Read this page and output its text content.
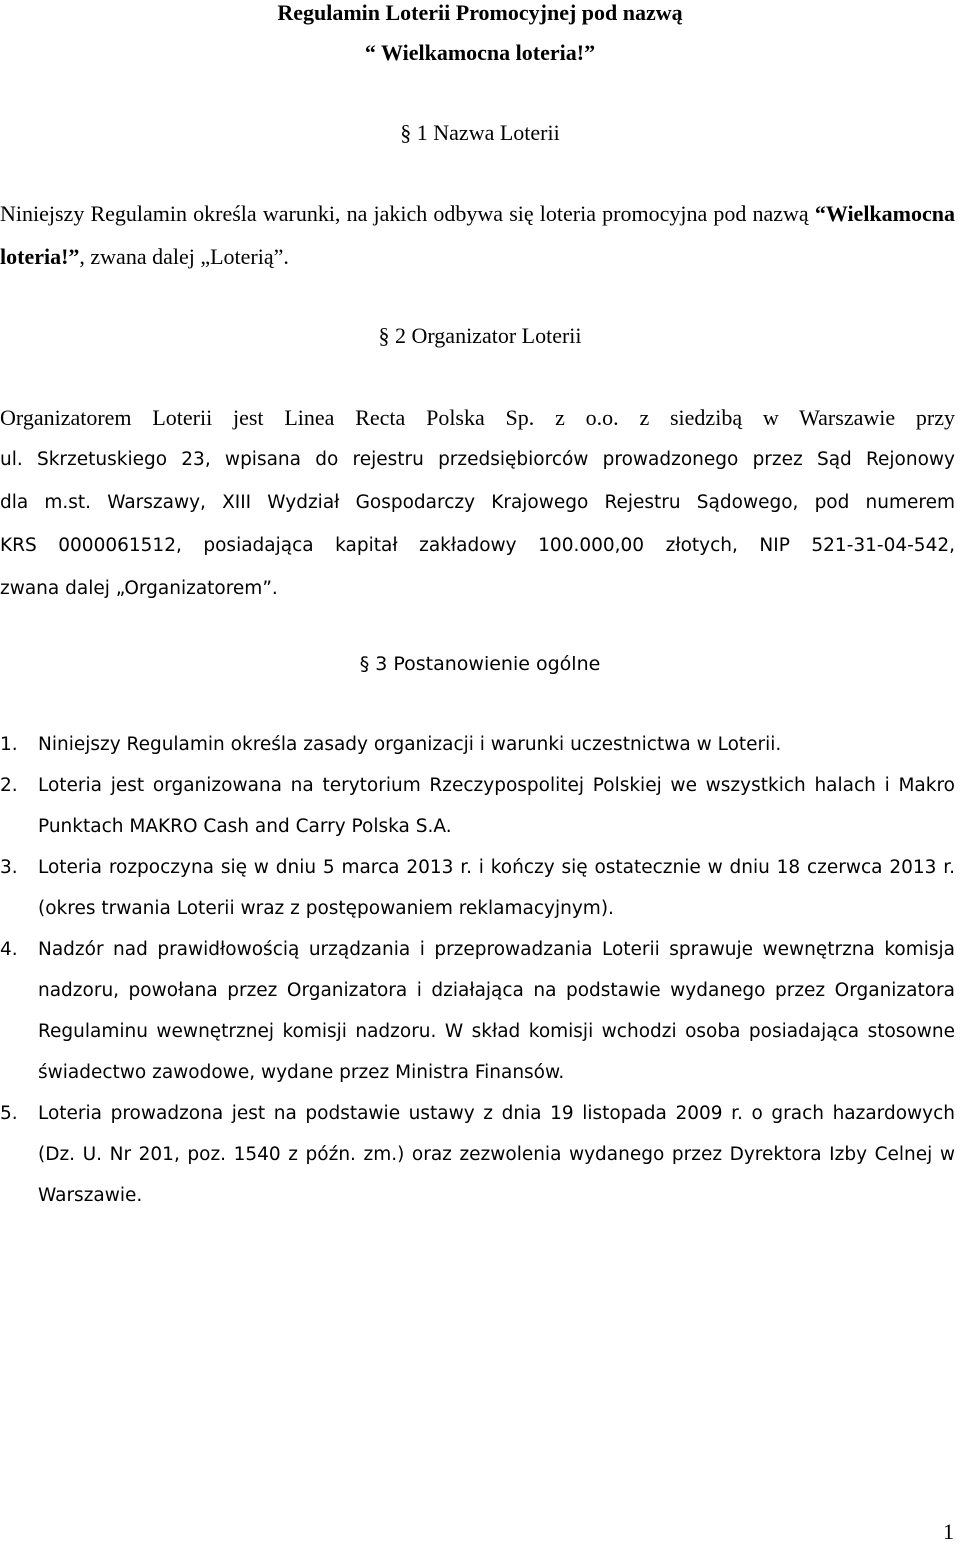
Regulamin Loterii Promocyjnej pod nazwą

“ Wielkamocna loteria!”

§ 1 Nazwa Loterii

Niniejszy Regulamin określa warunki, na jakich odbywa się loteria promocyjna pod nazwą “Wielkamocna loteria!”, zwana dalej „Loterią”.

§ 2 Organizator Loterii

Organizatorem Loterii jest Linea Recta Polska Sp. z o.o. z siedzibą w Warszawie przy

ul. Skrzetuskiego 23, wpisana do rejestru przedsiębiorców prowadzonego przez Sąd Rejonowy
dla m.st. Warszawy, XIII Wydział Gospodarczy Krajowego Rejestru Sądowego, pod numerem
KRS 0000061512, posiadająca kapitał zakładowy 100.000,00 złotych, NIP 521-31-04-542,
zwana dalej „Organizatorem”.

§ 3 Postanowienie ogólne

1. Niniejszy Regulamin określa zasady organizacji i warunki uczestnictwa w Loterii.
2. Loteria jest organizowana na terytorium Rzeczypospolitej Polskiej we wszystkich halach i Makro Punktach MAKRO Cash and Carry Polska S.A.
3. Loteria rozpoczyna się w dniu 5 marca 2013 r. i kończy się ostatecznie w dniu 18 czerwca 2013 r. (okres trwania Loterii wraz z postępowaniem reklamacyjnym).
4. Nadzór nad prawidłowością urządzania i przeprowadzania Loterii sprawuje wewnętrzna komisja nadzoru, powołana przez Organizatora i działająca na podstawie wydanego przez Organizatora Regulaminu wewnętrznej komisji nadzoru. W skład komisji wchodzi osoba posiadająca stosowne świadectwo zawodowe, wydane przez Ministra Finansów.
5. Loteria prowadzona jest na podstawie ustawy z dnia 19 listopada 2009 r. o grach hazardowych (Dz. U. Nr 201, poz. 1540 z późn. zm.) oraz zezwolenia wydanego przez Dyrektora Izby Celnej w Warszawie.
1
